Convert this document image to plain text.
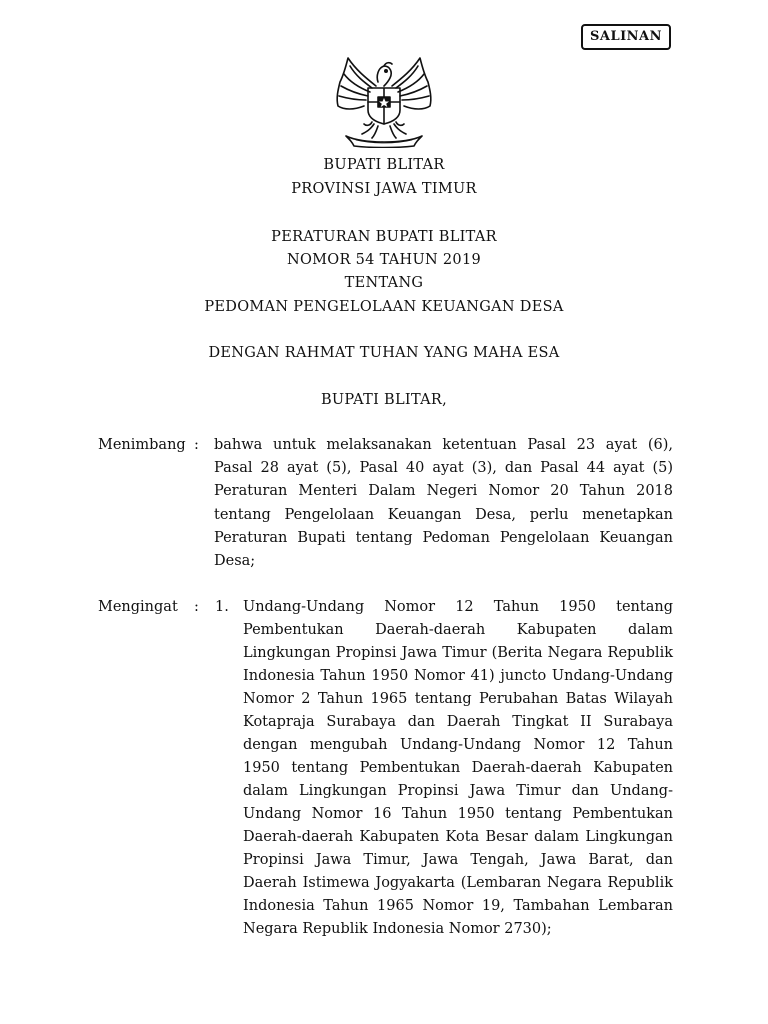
SALINAN
BUPATI BLITAR
PROVINSI JAWA TIMUR
PERATURAN BUPATI BLITAR
NOMOR 54 TAHUN 2019
TENTANG
PEDOMAN PENGELOLAAN KEUANGAN DESA
DENGAN RAHMAT TUHAN YANG MAHA ESA
BUPATI BLITAR,
Menimbang : bahwa untuk melaksanakan ketentuan Pasal 23 ayat (6),
Pasal 28 ayat (5), Pasal 40 ayat (3), dan Pasal 44 ayat (5)
Peraturan Menteri Dalam Negeri Nomor 20 Tahun 2018
tentang Pengelolaan Keuangan Desa, perlu menetapkan
Peraturan Bupati tentang Pedoman Pengelolaan Keuangan
Desa;
Mengingat : 1. Undang-Undang Nomor 12 Tahun 1950 tentang
Pembentukan Daerah-daerah Kabupaten dalam
Lingkungan Propinsi Jawa Timur (Berita Negara Republik
Indonesia Tahun 1950 Nomor 41) juncto Undang-Undang
Nomor 2 Tahun 1965 tentang Perubahan Batas Wilayah
Kotapraja Surabaya dan Daerah Tingkat II Surabaya
dengan mengubah Undang-Undang Nomor 12 Tahun
1950 tentang Pembentukan Daerah-daerah Kabupaten
dalam Lingkungan Propinsi Jawa Timur dan Undang-
Undang Nomor 16 Tahun 1950 tentang Pembentukan
Daerah-daerah Kabupaten Kota Besar dalam Lingkungan
Propinsi Jawa Timur, Jawa Tengah, Jawa Barat, dan
Daerah Istimewa Jogyakarta (Lembaran Negara Republik
Indonesia Tahun 1965 Nomor 19, Tambahan Lembaran
Negara Republik Indonesia Nomor 2730);
